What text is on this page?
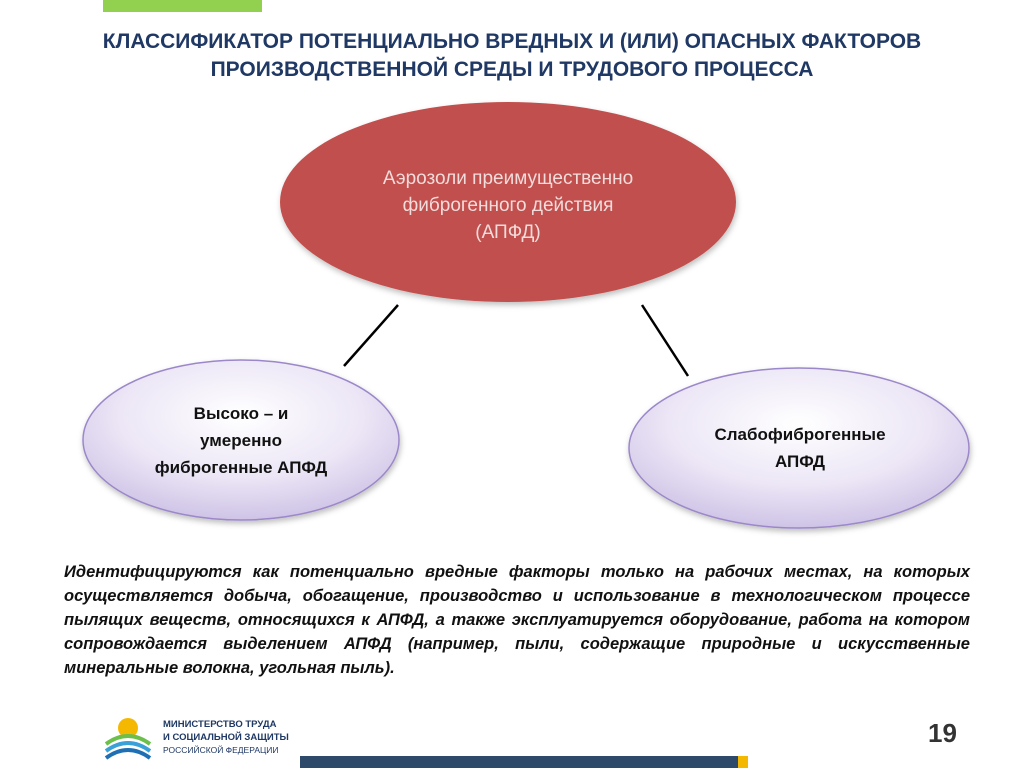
КЛАССИФИКАТОР ПОТЕНЦИАЛЬНО ВРЕДНЫХ И (ИЛИ) ОПАСНЫХ ФАКТОРОВ
ПРОИЗВОДСТВЕННОЙ СРЕДЫ И ТРУДОВОГО ПРОЦЕССА
Аэрозоли преимущественно
фиброгенного действия
(АПФД)
Высоко – и
умеренно
фиброгенные АПФД
Слабофиброгенные
АПФД
Идентифицируются как потенциально вредные факторы только на рабочих местах, на которых осуществляется добыча, обогащение, производство и использование в технологическом процессе пылящих веществ, относящихся к АПФД, а также эксплуатируется оборудование, работа на котором сопровождается выделением АПФД (например, пыли, содержащие природные и искусственные минеральные волокна, угольная пыль).
МИНИСТЕРСТВО ТРУДА
И СОЦИАЛЬНОЙ ЗАЩИТЫ
РОССИЙСКОЙ ФЕДЕРАЦИИ
19
